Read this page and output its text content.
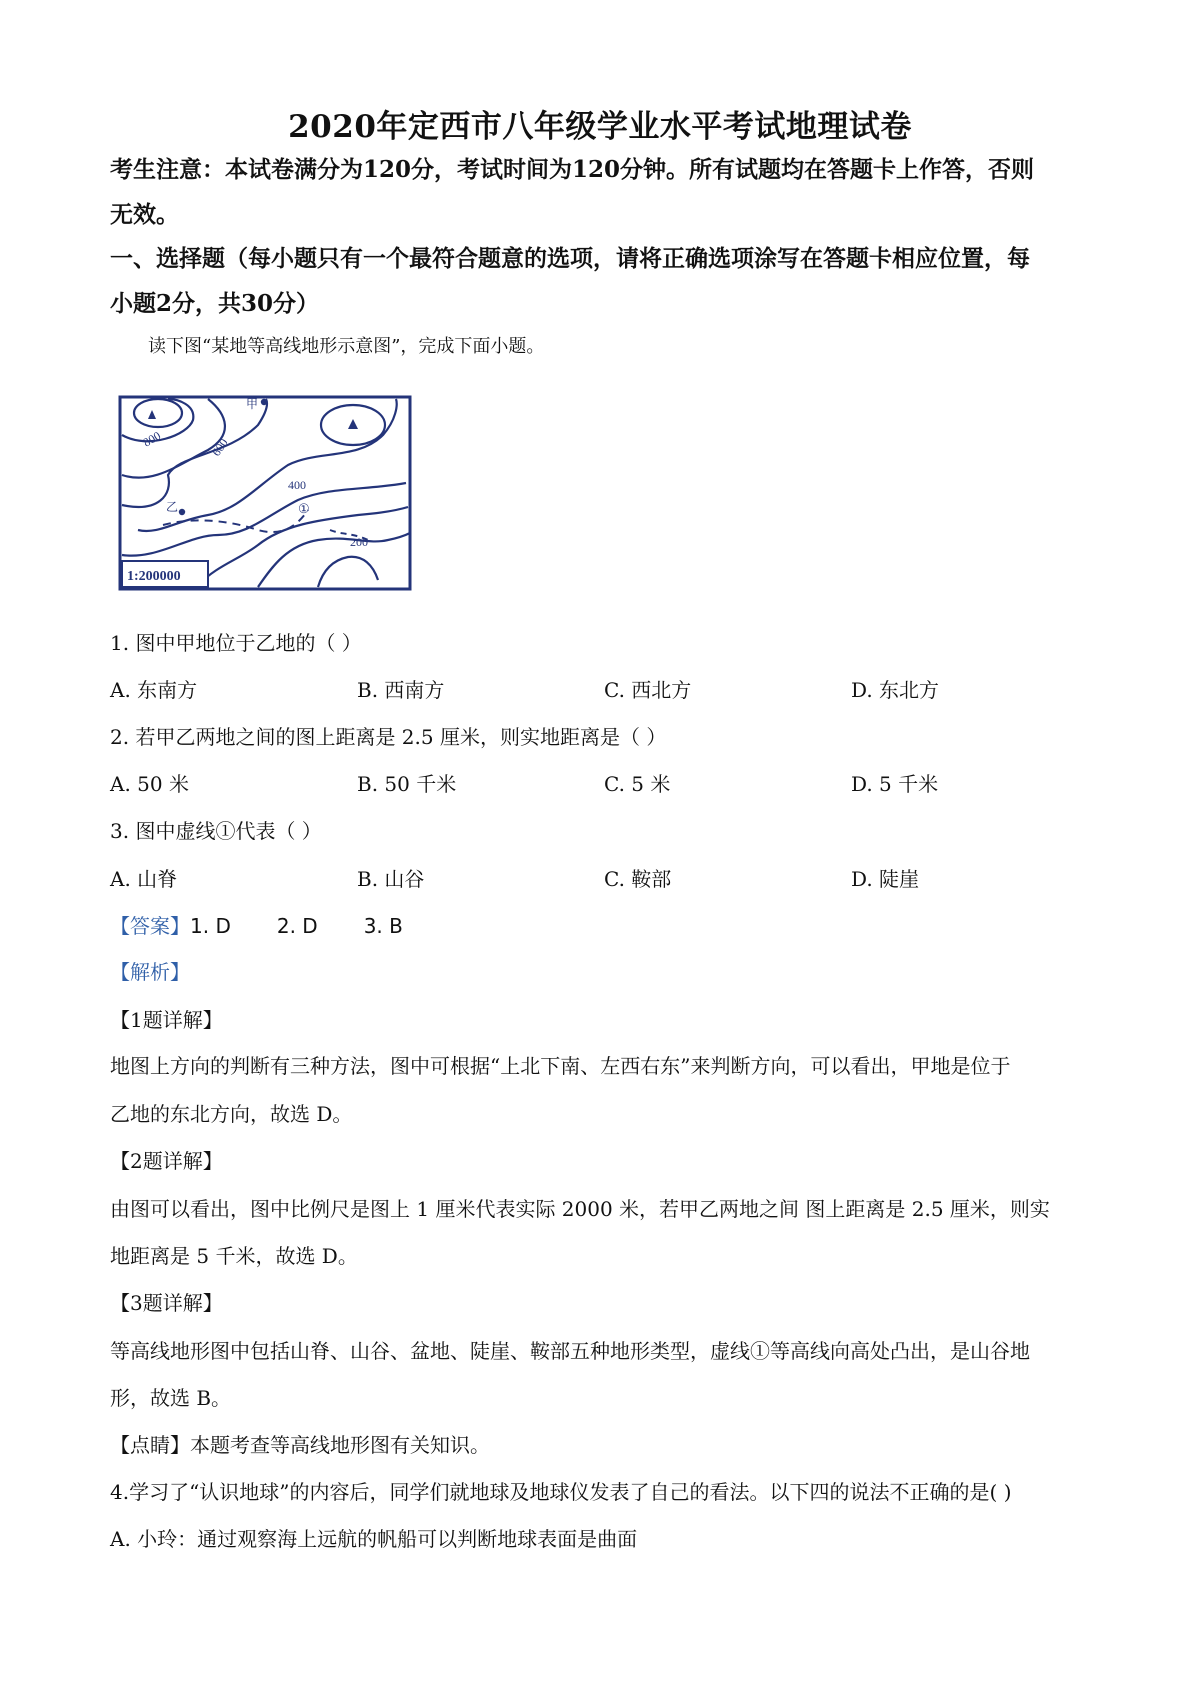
2020年定西市八年级学业水平考试地理试卷
考生注意：本试卷满分为120分，考试时间为120分钟。所有试题均在答题卡上作答，否则
无效。
一、选择题（每小题只有一个最符合题意的选项，请将正确选项涂写在答题卡相应位置，每
小题2分，共30分）
读下图“某地等高线地形示意图”，完成下面小题。
甲
乙	①
800	600
400
200
1:200000
1. 图中甲地位于乙地的（ ）
A. 东南方	B. 西南方	C. 西北方	D. 东北方
2. 若甲乙两地之间的图上距离是 2.5 厘米，则实地距离是（ ）
A. 50 米	B. 50 千米	C. 5 米	D. 5 千米
3. 图中虚线①代表（ ）
A. 山脊	B. 山谷	C. 鞍部	D. 陡崖
【答案】1. D 2. D 3. B
【解析】
【1题详解】
地图上方向的判断有三种方法，图中可根据“上北下南、左西右东”来判断方向，可以看出，甲地是位于
乙地的东北方向，故选 D。
【2题详解】
由图可以看出，图中比例尺是图上 1 厘米代表实际 2000 米，若甲乙两地之间 图上距离是 2.5 厘米，则实
地距离是 5 千米，故选 D。
【3题详解】
等高线地形图中包括山脊、山谷、盆地、陡崖、鞍部五种地形类型，虚线①等高线向高处凸出，是山谷地
形，故选 B。
【点睛】本题考查等高线地形图有关知识。
4.学习了“认识地球”的内容后，同学们就地球及地球仪发表了自己的看法。以下四的说法不正确的是( )
A. 小玲：通过观察海上远航的帆船可以判断地球表面是曲面
